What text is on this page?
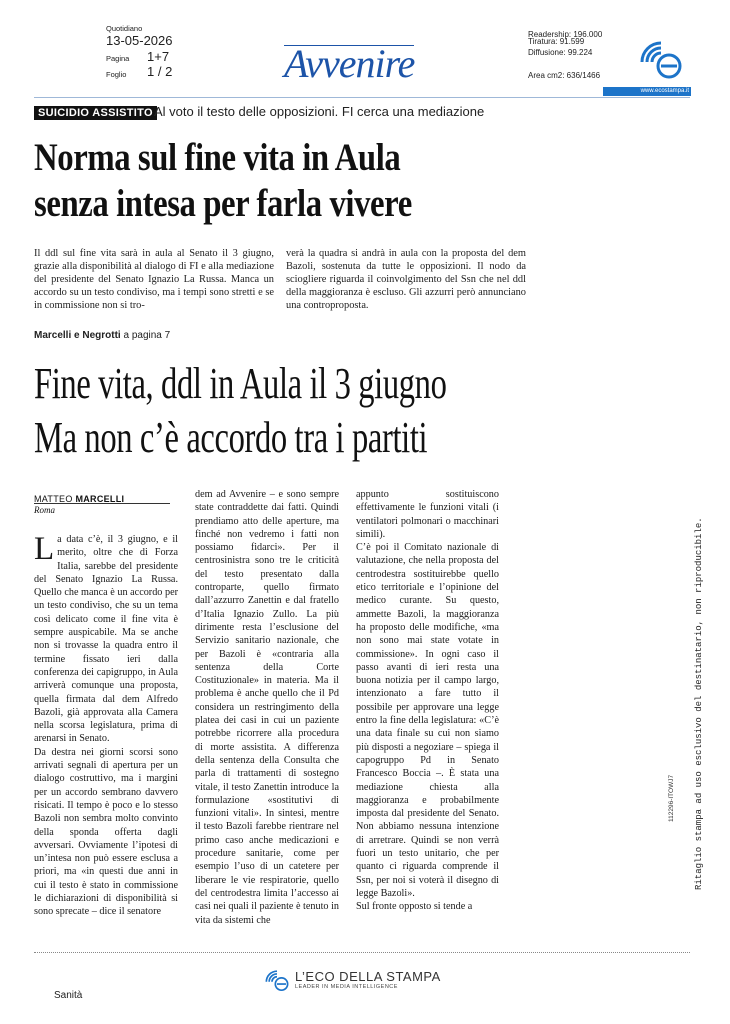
Quotidiano
13-05-2026
Pagina 1+7
Foglio 1 / 2	Avvenire
Readership: 196.000
Tiratura: 91.599
Diffusione: 99.224
Area cm2: 636/1466
www.ecostampa.it
SUICIDIO ASSISTITO Al voto il testo delle opposizioni. FI cerca una mediazione
Norma sul fine vita in Aula
senza intesa per farla vivere
Il ddl sul fine vita sarà in aula al Senato il 3 giugno, grazie alla disponibilità al dialogo di FI e alla mediazione del presidente del Senato Ignazio La Russa. Manca un accordo su un testo condiviso, ma i tempi sono stretti e se in commissione non si tro-
verà la quadra si andrà in aula con la proposta del dem Bazoli, sostenuta da tutte le opposizioni. Il nodo da sciogliere riguarda il coinvolgimento del Ssn che nel ddl della maggioranza è escluso. Gli azzurri però annunciano una controproposta.
Marcelli e Negrotti a pagina 7
Fine vita, ddl in Aula il 3 giugno
Ma non c’è accordo tra i partiti
MATTEO MARCELLI
Roma
La data c’è, il 3 giugno, e il merito, oltre che di Forza Italia, sarebbe del presidente del Senato Ignazio La Russa. Quello che manca è un accordo per un testo condiviso, che su un tema così delicato come il fine vita è sempre auspicabile. Ma se anche non si trovasse la quadra entro il termine fissato ieri dalla conferenza dei capigruppo, in Aula arriverà comunque una proposta, quella firmata dal dem Alfredo Bazoli, già approvata alla Camera nella scorsa legislatura, prima di arenarsi in Senato.
Da destra nei giorni scorsi sono arrivati segnali di apertura per un dialogo costruttivo, ma i margini per un accordo sembrano davvero risicati. Il tempo è poco e lo stesso Bazoli non sembra molto convinto della sponda offerta dagli avversari. Ovviamente l’ipotesi di un’intesa non può essere esclusa a priori, ma «in questi due anni in cui il testo è stato in commissione le dichiarazioni di disponibilità si sono sprecate – dice il senatore
dem ad Avvenire – e sono sempre state contraddette dai fatti. Quindi prendiamo atto delle aperture, ma finché non vedremo i fatti non possiamo fidarci». Per il centrosinistra sono tre le criticità del testo presentato dalla controparte, quello firmato dall’azzurro Zanettin e dal fratello d’Italia Ignazio Zullo. La più dirimente resta l’esclusione del Servizio sanitario nazionale, che per Bazoli è «contraria alla sentenza della Corte Costituzionale» in materia. Ma il problema è anche quello che il Pd considera un restringimento della platea dei casi in cui un paziente potrebbe ricorrere alla procedura di morte assistita. A differenza della sentenza della Consulta che parla di trattamenti di sostegno vitale, il testo Zanettin introduce la formulazione «sostitutivi di funzioni vitali». In sintesi, mentre il testo Bazoli farebbe rientrare nel primo caso anche medicazioni e procedure sanitarie, come per esempio l’uso di un catetere per liberare le vie respiratorie, quello del centrodestra limita l’accesso ai casi nei quali il paziente è tenuto in vita da sistemi che
appunto sostituiscono effettivamente le funzioni vitali (i ventilatori polmonari o macchinari simili).
C’è poi il Comitato nazionale di valutazione, che nella proposta del centrodestra sostituirebbe quello etico territoriale e l’opinione del medico curante. Su questo, ammette Bazoli, la maggioranza ha proposto delle modifiche, «ma non sono mai state votate in commissione». In ogni caso il passo avanti di ieri resta una buona notizia per il campo largo, intenzionato a fare tutto il possibile per approvare una legge entro la fine della legislatura: «C’è una data finale su cui non siamo più disposti a negoziare – spiega il capogruppo Pd in Senato Francesco Boccia –. È stata una mediazione chiesta alla maggioranza e probabilmente imposta dal presidente del Senato. Non abbiamo nessuna intenzione di arretrare. Quindi se non verrà fuori un testo unitario, che per quanto ci riguarda comprende il Ssn, per noi si voterà il disegno di legge Bazoli».
Sul fronte opposto si tende a
Ritaglio stampa ad uso esclusivo del destinatario, non riproducibile.
112296-ITOWJ7
L’ECO DELLA STAMPA
LEADER IN MEDIA INTELLIGENCE
Sanità
